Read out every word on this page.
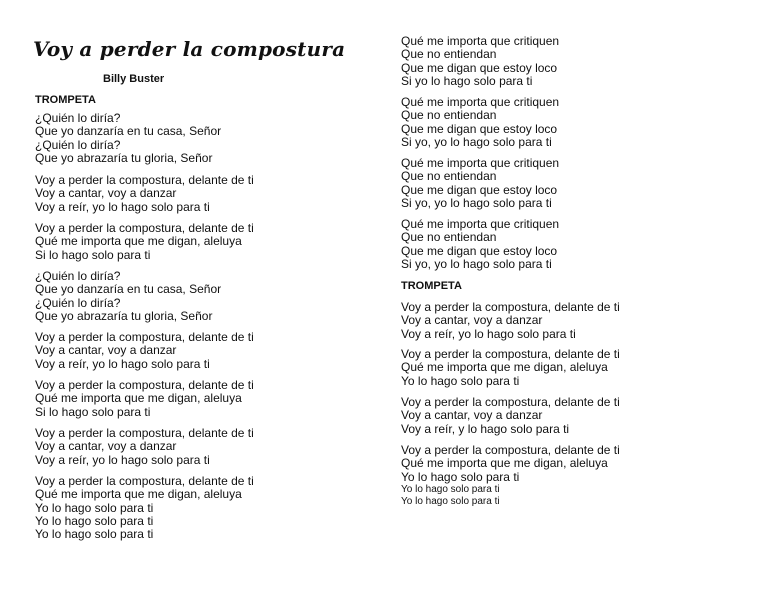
Voy a perder la compostura
Billy Buster
TROMPETA
¿Quién lo diría?
Que yo danzaría en tu casa, Señor
¿Quién lo diría?
Que yo abrazaría tu gloria, Señor
Voy a perder la compostura, delante de ti
Voy a cantar, voy a danzar
Voy a reír, yo lo hago solo para ti
Voy a perder la compostura, delante de ti
Qué me importa que me digan, aleluya
Si lo hago solo para ti
¿Quién lo diría?
Que yo danzaría en tu casa, Señor
¿Quién lo diría?
Que yo abrazaría tu gloria, Señor
Voy a perder la compostura, delante de ti
Voy a cantar, voy a danzar
Voy a reír, yo lo hago solo para ti
Voy a perder la compostura, delante de ti
Qué me importa que me digan, aleluya
Si lo hago solo para ti
Voy a perder la compostura, delante de ti
Voy a cantar, voy a danzar
Voy a reír, yo lo hago solo para ti
Voy a perder la compostura, delante de ti
Qué me importa que me digan, aleluya
Yo lo hago solo para ti
Yo lo hago solo para ti
Yo lo hago solo para ti
Qué me importa que critiquen
Que no entiendan
Que me digan que estoy loco
Si yo lo hago solo para ti
Qué me importa que critiquen
Que no entiendan
Que me digan que estoy loco
Si yo, yo lo hago solo para ti
Qué me importa que critiquen
Que no entiendan
Que me digan que estoy loco
Si yo, yo lo hago solo para ti
Qué me importa que critiquen
Que no entiendan
Que me digan que estoy loco
Si yo, yo lo hago solo para ti
TROMPETA
Voy a perder la compostura, delante de ti
Voy a cantar, voy a danzar
Voy a reír, yo lo hago solo para ti
Voy a perder la compostura, delante de ti
Qué me importa que me digan, aleluya
Yo lo hago solo para ti
Voy a perder la compostura, delante de ti
Voy a cantar, voy a danzar
Voy a reír, y lo hago solo para ti
Voy a perder la compostura, delante de ti
Qué me importa que me digan, aleluya
Yo lo hago solo para ti
Yo lo hago solo para ti
Yo lo hago solo para ti
